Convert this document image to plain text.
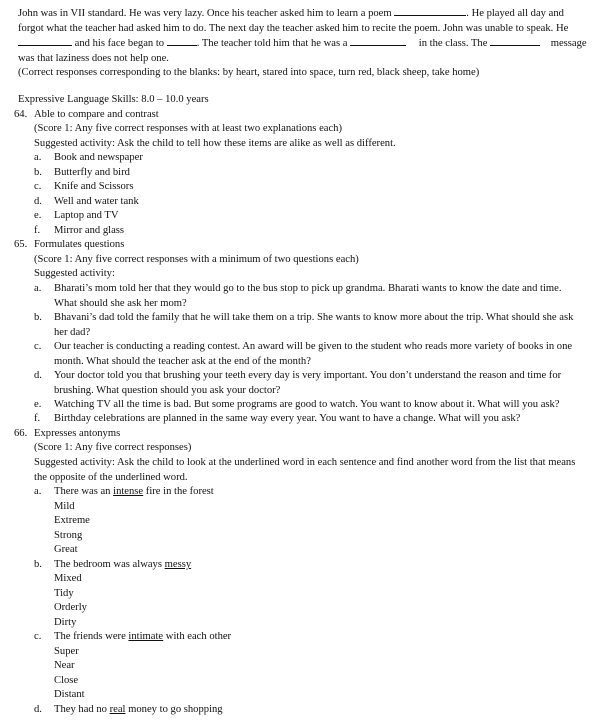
John was in VII standard. He was very lazy. Once his teacher asked him to learn a poem	. He played all day and
forgot what the teacher had asked him to do. The next day the teacher asked him to recite the poem. John was unable to speak. He
and his face began to	. The teacher told him that he was a	in the class. The	message
was that laziness does not help one.
(Correct responses corresponding to the blanks: by heart, stared into space, turn red, black sheep, take home)
Expressive Language Skills: 8.0 – 10.0 years
64. Able to compare and contrast
(Score 1: Any five correct responses with at least two explanations each)
Suggested activity: Ask the child to tell how these items are alike as well as different.
a.	Book and newspaper
b.	Butterfly and bird
c.	Knife and Scissors
d.	Well and water tank
e.	Laptop and TV
f.	Mirror and glass
65. Formulates questions
(Score 1: Any five correct responses with a minimum of two questions each)
Suggested activity:
a.	Bharati’s mom told her that they would go to the bus stop to pick up grandma. Bharati wants to know the date and time.
What should she ask her mom?
b.	Bhavani’s dad told the family that he will take them on a trip. She wants to know more about the trip. What should she ask
her dad?
c.	Our teacher is conducting a reading contest. An award will be given to the student who reads more variety of books in one
month. What should the teacher ask at the end of the month?
d.	Your doctor told you that brushing your teeth every day is very important. You don’t understand the reason and time for
brushing. What question should you ask your doctor?
e.	Watching TV all the time is bad. But some programs are good to watch. You want to know about it. What will you ask?
f.	Birthday celebrations are planned in the same way every year. You want to have a change. What will you ask?
66. Expresses antonyms
(Score 1: Any five correct responses)
Suggested activity: Ask the child to look at the underlined word in each sentence and find another word from the list that means
the opposite of the underlined word.
a.	There was an intense fire in the forest
Mild
Extreme
Strong
Great
b.	The bedroom was always messy
Mixed
Tidy
Orderly
Dirty
c.	The friends were intimate with each other
Super
Near
Close
Distant
d.	They had no real money to go shopping
